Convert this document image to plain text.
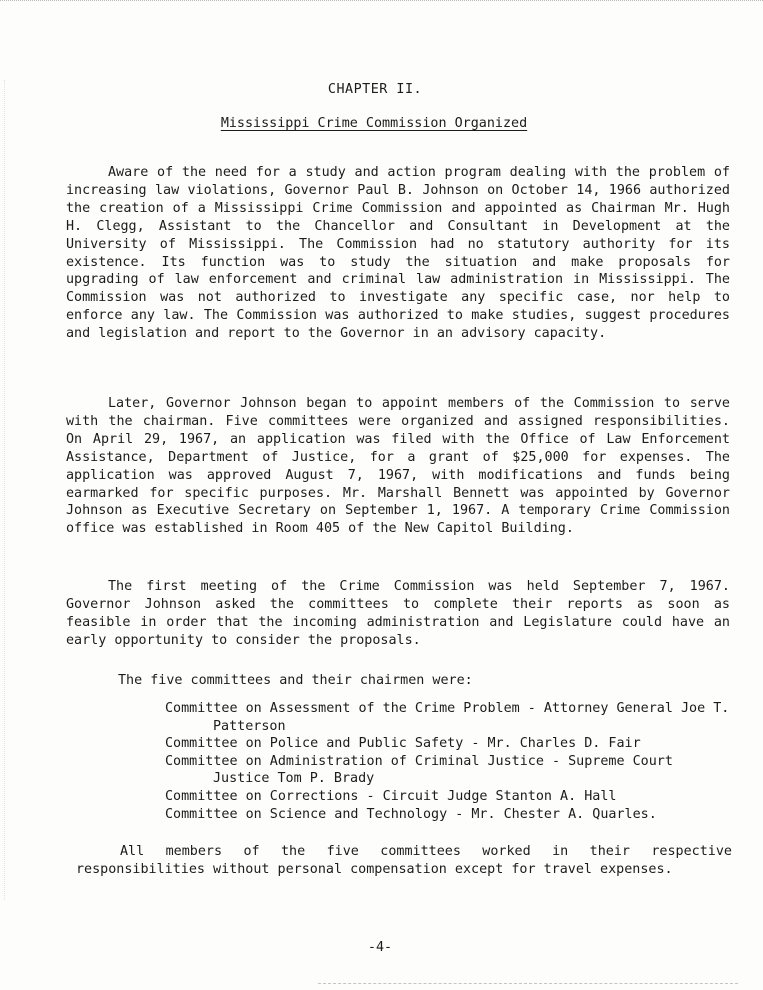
CHAPTER II.
Mississippi Crime Commission Organized

Aware of the need for a study and action program dealing with the problem of increasing law violations, Governor Paul B. Johnson on October 14, 1966 authorized the creation of a Mississippi Crime Commission and appointed as Chairman Mr. Hugh H. Clegg, Assistant to the Chancellor and Consultant in Development at the University of Mississippi. The Commission had no statutory authority for its existence. Its function was to study the situation and make proposals for upgrading of law enforcement and criminal law administration in Mississippi. The Commission was not authorized to investigate any specific case, nor help to enforce any law. The Commission was authorized to make studies, suggest procedures and legislation and report to the Governor in an advisory capacity.

Later, Governor Johnson began to appoint members of the Commission to serve with the chairman. Five committees were organized and assigned responsibilities. On April 29, 1967, an application was filed with the Office of Law Enforcement Assistance, Department of Justice, for a grant of $25,000 for expenses. The application was approved August 7, 1967, with modifications and funds being earmarked for specific purposes. Mr. Marshall Bennett was appointed by Governor Johnson as Executive Secretary on September 1, 1967. A temporary Crime Commission office was established in Room 405 of the New Capitol Building.

The first meeting of the Crime Commission was held September 7, 1967. Governor Johnson asked the committees to complete their reports as soon as feasible in order that the incoming administration and Legislature could have an early opportunity to consider the proposals.

The five committees and their chairmen were:

Committee on Assessment of the Crime Problem - Attorney General Joe T. Patterson
Committee on Police and Public Safety - Mr. Charles D. Fair
Committee on Administration of Criminal Justice - Supreme Court Justice Tom P. Brady
Committee on Corrections - Circuit Judge Stanton A. Hall
Committee on Science and Technology - Mr. Chester A. Quarles.

All members of the five committees worked in their respective responsibilities without personal compensation except for travel expenses.

-4-
